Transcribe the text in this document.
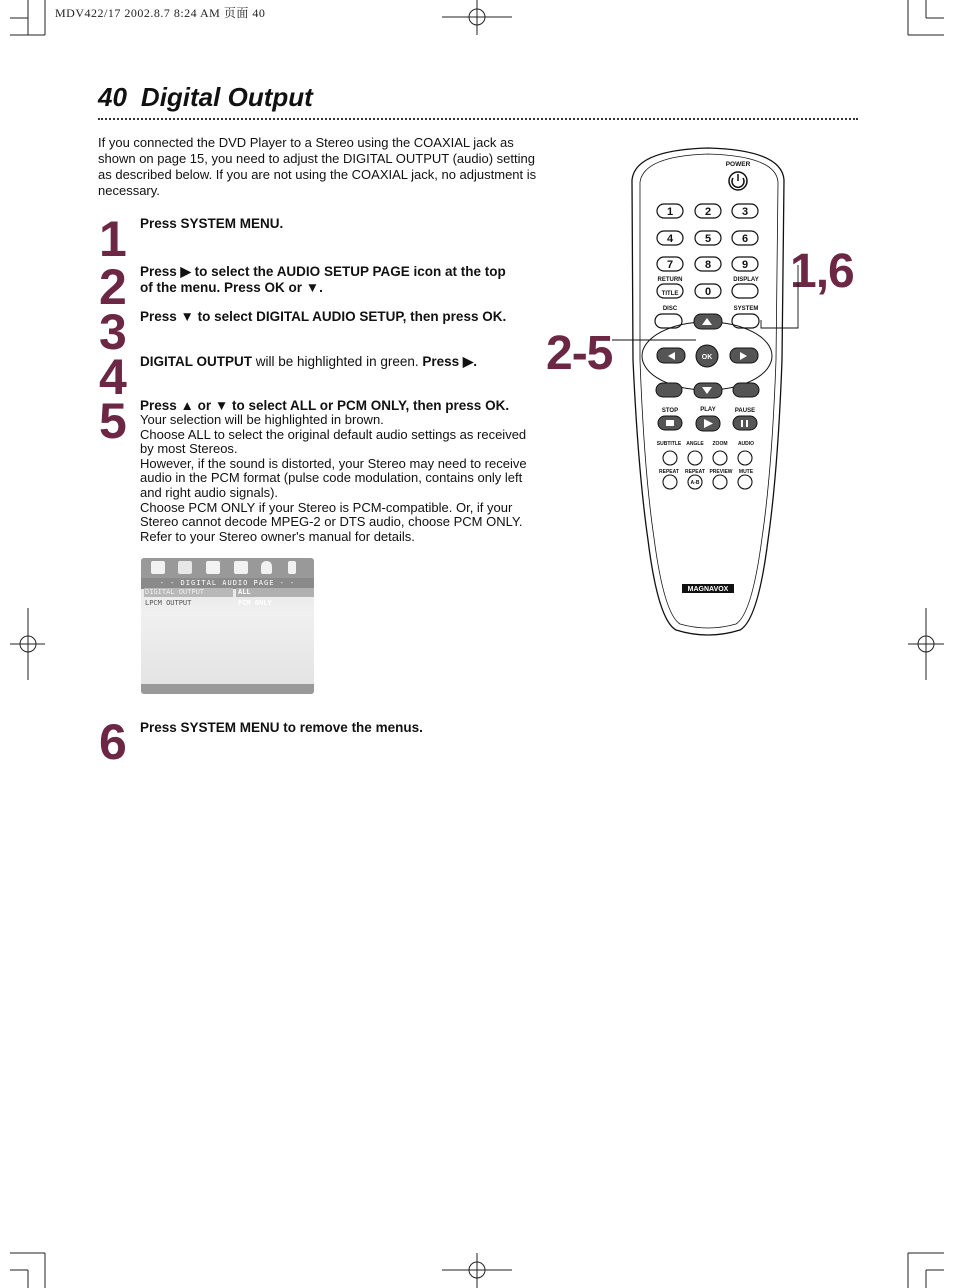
MDV422/17 2002.8.7 8:24 AM 页面 40
40 Digital Output
If you connected the DVD Player to a Stereo using the COAXIAL jack as shown on page 15, you need to adjust the DIGITAL OUTPUT (audio) setting as described below. If you are not using the COAXIAL jack, no adjustment is necessary.
1 Press SYSTEM MENU.
2 Press ▶ to select the AUDIO SETUP PAGE icon at the top
of the menu. Press OK or ▼.
3 Press ▼ to select DIGITAL AUDIO SETUP, then press OK.
4 DIGITAL OUTPUT will be highlighted in green. Press ▶.
5 Press ▲ or ▼ to select ALL or PCM ONLY, then press OK.
Your selection will be highlighted in brown.
Choose ALL to select the original default audio settings as received
by most Stereos.
However, if the sound is distorted, your Stereo may need to receive
audio in the PCM format (pulse code modulation, contains only left
and right audio signals).
Choose PCM ONLY if your Stereo is PCM-compatible. Or, if your
Stereo cannot decode MPEG-2 or DTS audio, choose PCM ONLY.
Refer to your Stereo owner's manual for details.
- - DIGITAL AUDIO PAGE - -
DIGITAL OUTPUT	ALL
LPCM OUTPUT	PCM ONLY
6 Press SYSTEM MENU to remove the menus.
1,6
2-5
POWER
1	2	3
4	5	6
7	8	9
0
RETURN
TITLE
DISPLAY
DISC	SYSTEM
MENU	MENU
OK
STOP	PLAY	PAUSE
SUBTITLE ANGLE ZOOM AUDIO
REPEAT REPEAT PREVIEW MUTE
A-B
MAGNAVOX
